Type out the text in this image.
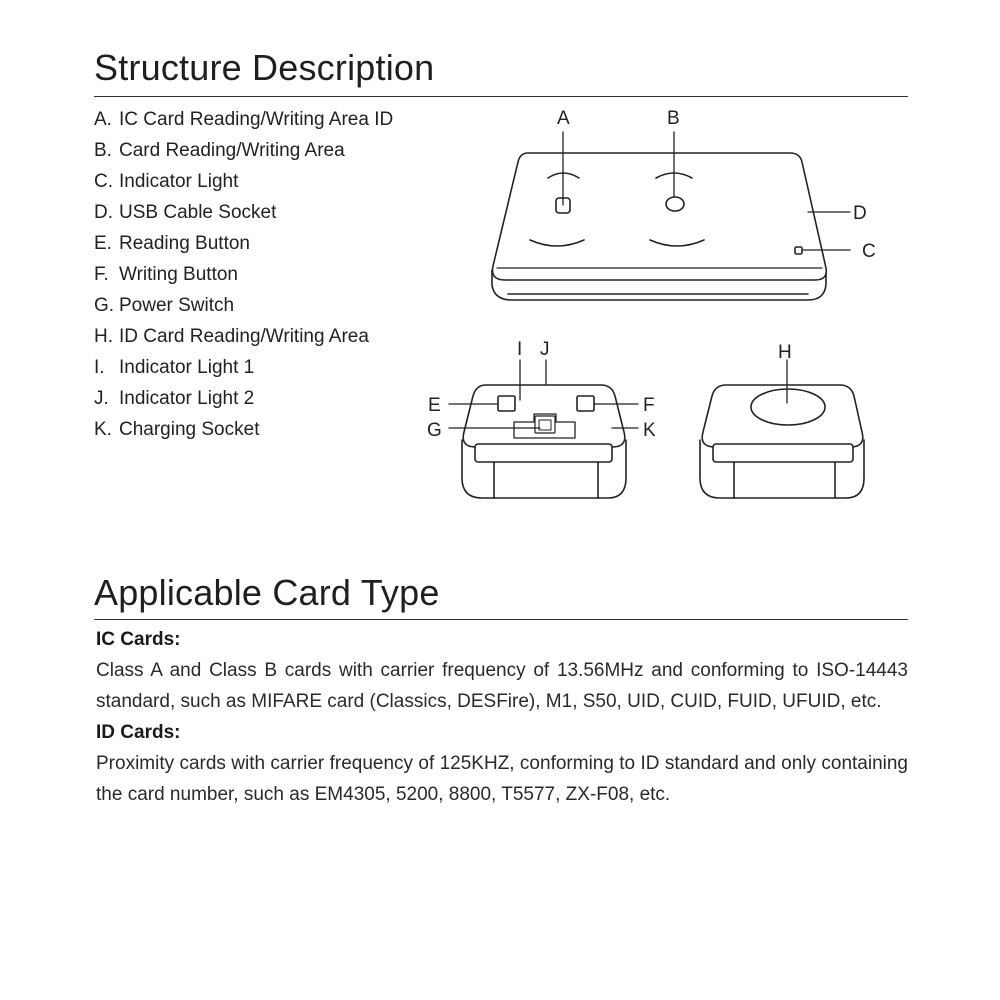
Structure Description
A. IC Card Reading/Writing Area ID
B. Card Reading/Writing Area
C. Indicator Light
D. USB Cable Socket
E. Reading Button
F. Writing Button
G. Power Switch
H. ID Card Reading/Writing Area
I. Indicator Light 1
J. Indicator Light 2
K. Charging Socket
A	B
C
D
E	F
G
H
I J
K
Applicable Card Type
IC Cards:

Class A and Class B cards with carrier frequency of 13.56MHz and conforming to ISO-14443 standard, such as MIFARE card (Classics, DESFire), M1, S50, UID, CUID, FUID, UFUID, etc.

ID Cards:

Proximity cards with carrier frequency of 125KHZ, conforming to ID standard and only containing the card number, such as EM4305, 5200, 8800, T5577, ZX-F08, etc.
